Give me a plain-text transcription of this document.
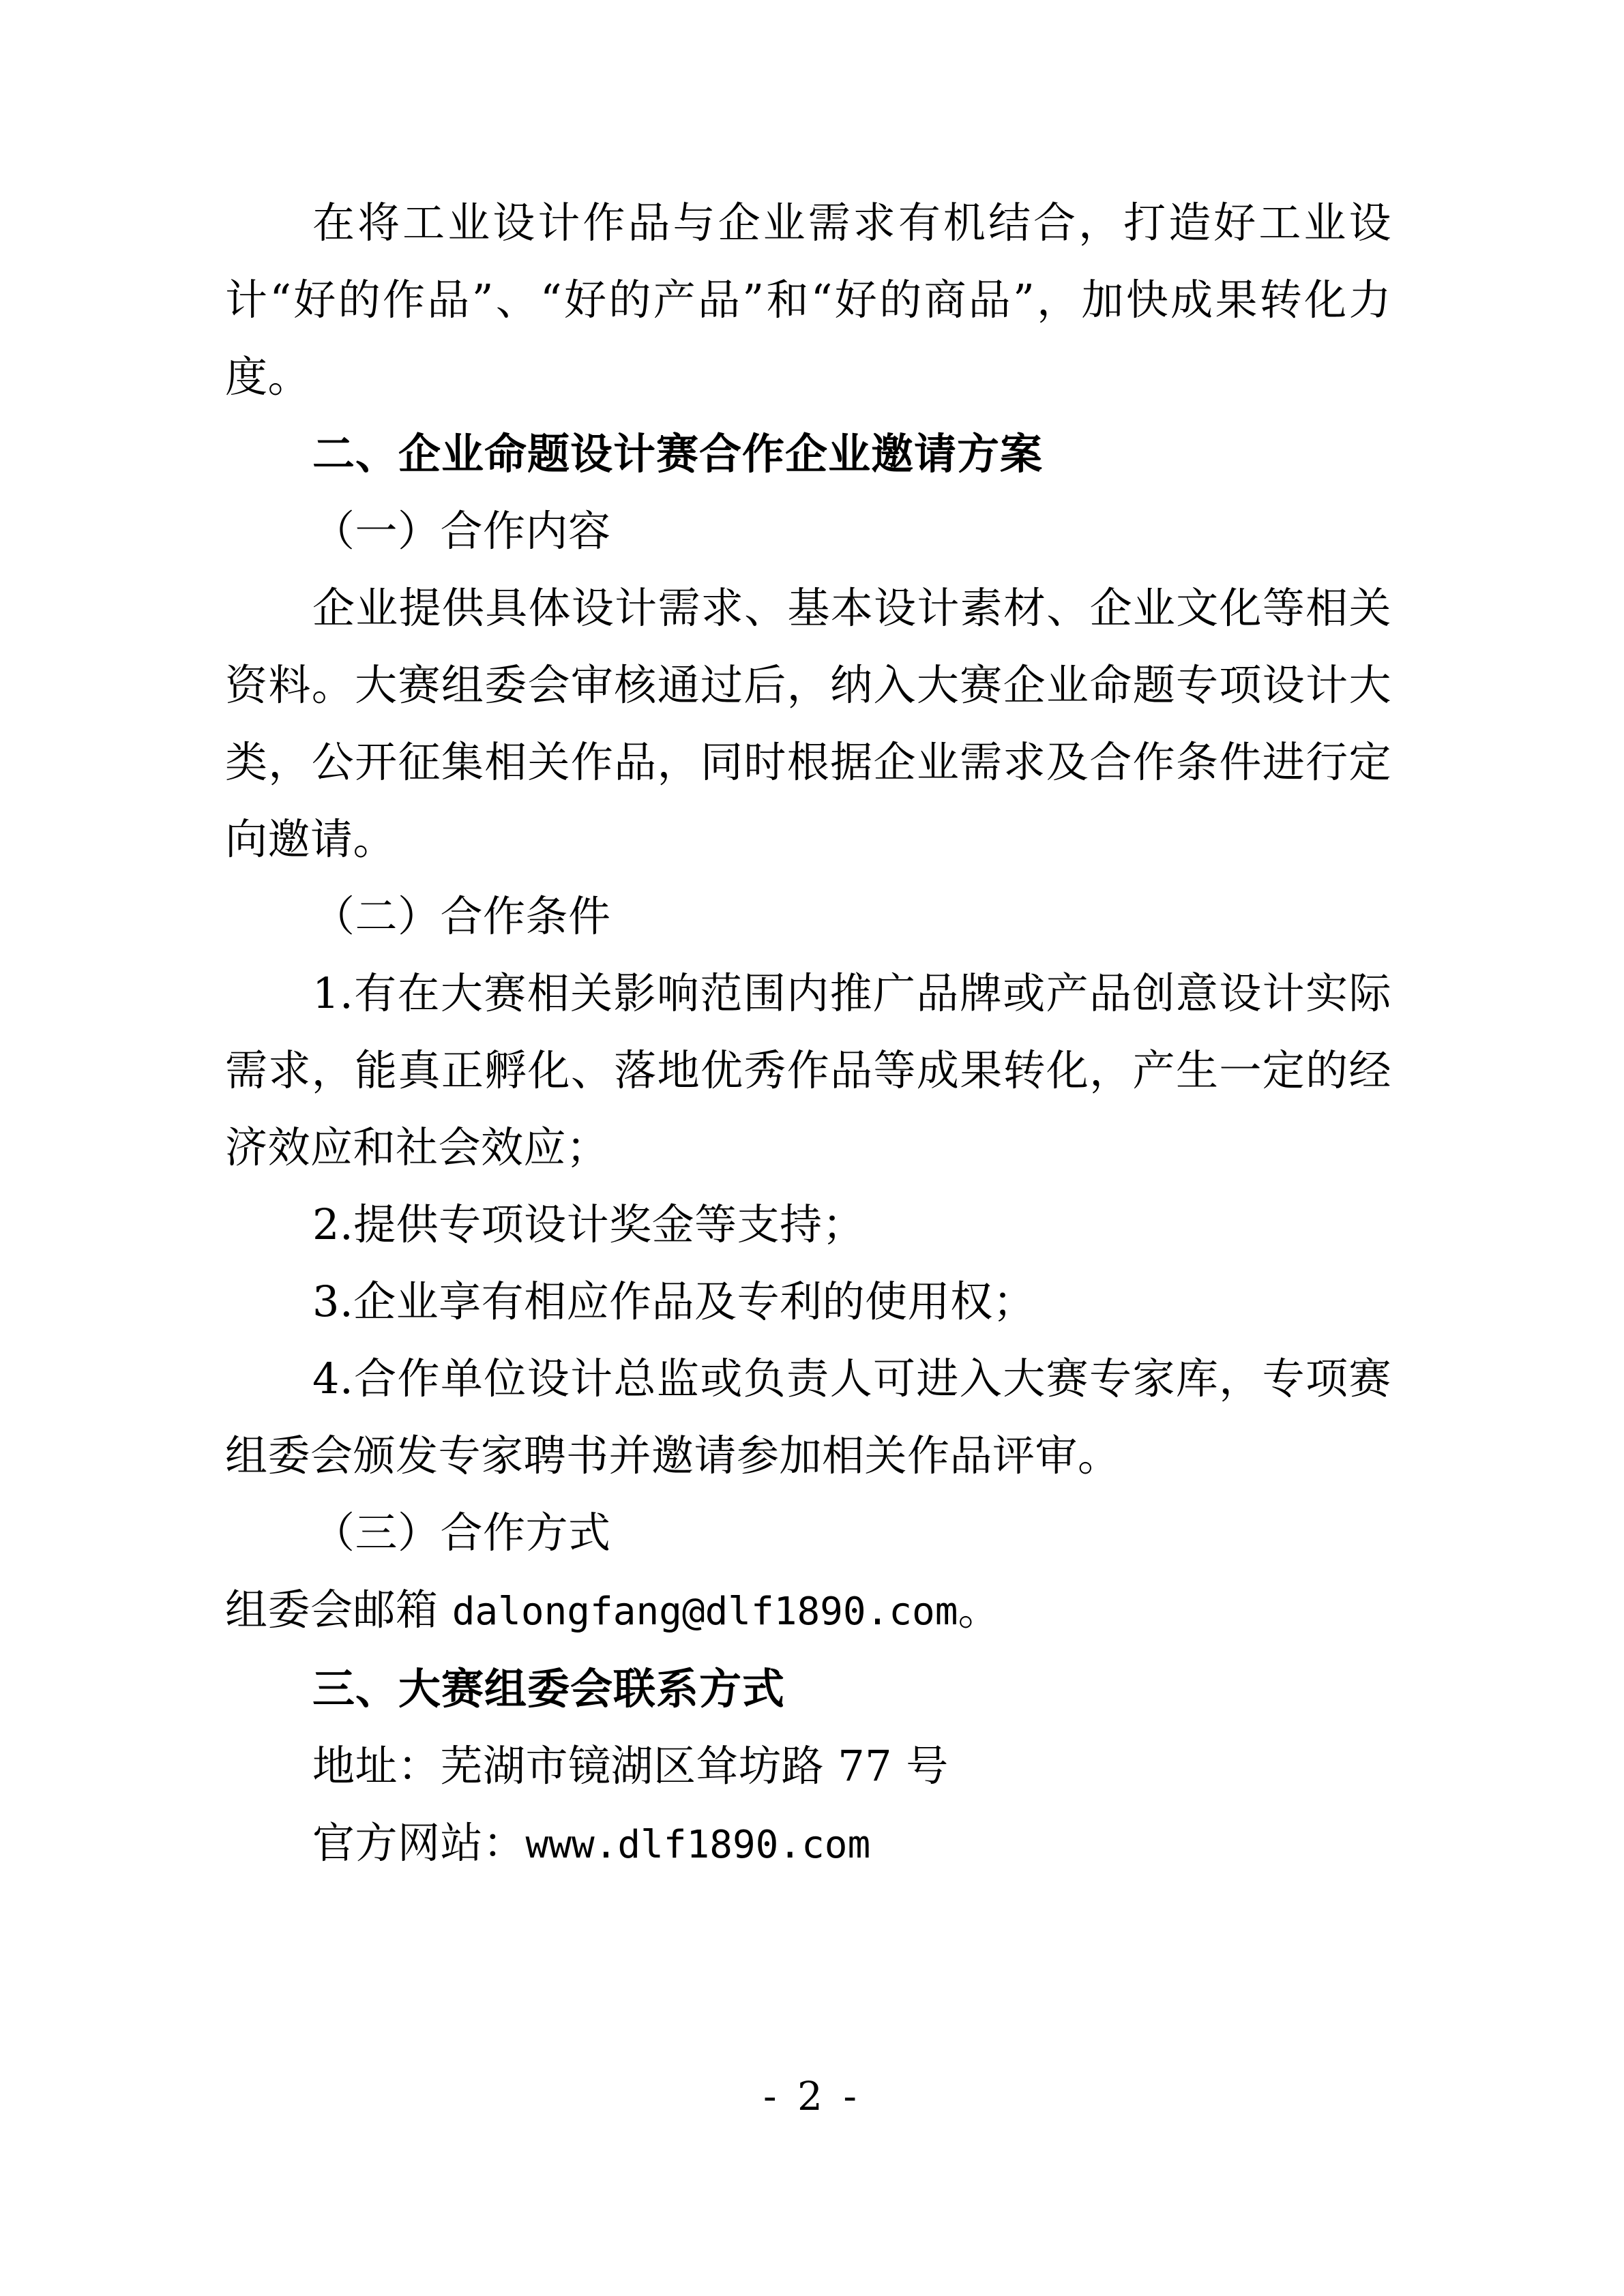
在将工业设计作品与企业需求有机结合，打造好工业设计“好的作品”、“好的产品”和“好的商品”，加快成果转化力度。

二、企业命题设计赛合作企业邀请方案

（一）合作内容

企业提供具体设计需求、基本设计素材、企业文化等相关资料。大赛组委会审核通过后，纳入大赛企业命题专项设计大类，公开征集相关作品，同时根据企业需求及合作条件进行定向邀请。

（二）合作条件

1.有在大赛相关影响范围内推广品牌或产品创意设计实际需求，能真正孵化、落地优秀作品等成果转化，产生一定的经济效应和社会效应；

2.提供专项设计奖金等支持；

3.企业享有相应作品及专利的使用权；

4.合作单位设计总监或负责人可进入大赛专家库，专项赛组委会颁发专家聘书并邀请参加相关作品评审。

（三）合作方式

组委会邮箱 dalongfang@dlf1890.com。

三、大赛组委会联系方式

地址：芜湖市镜湖区耸坊路 77 号

官方网站：www.dlf1890.com

- 2 -
